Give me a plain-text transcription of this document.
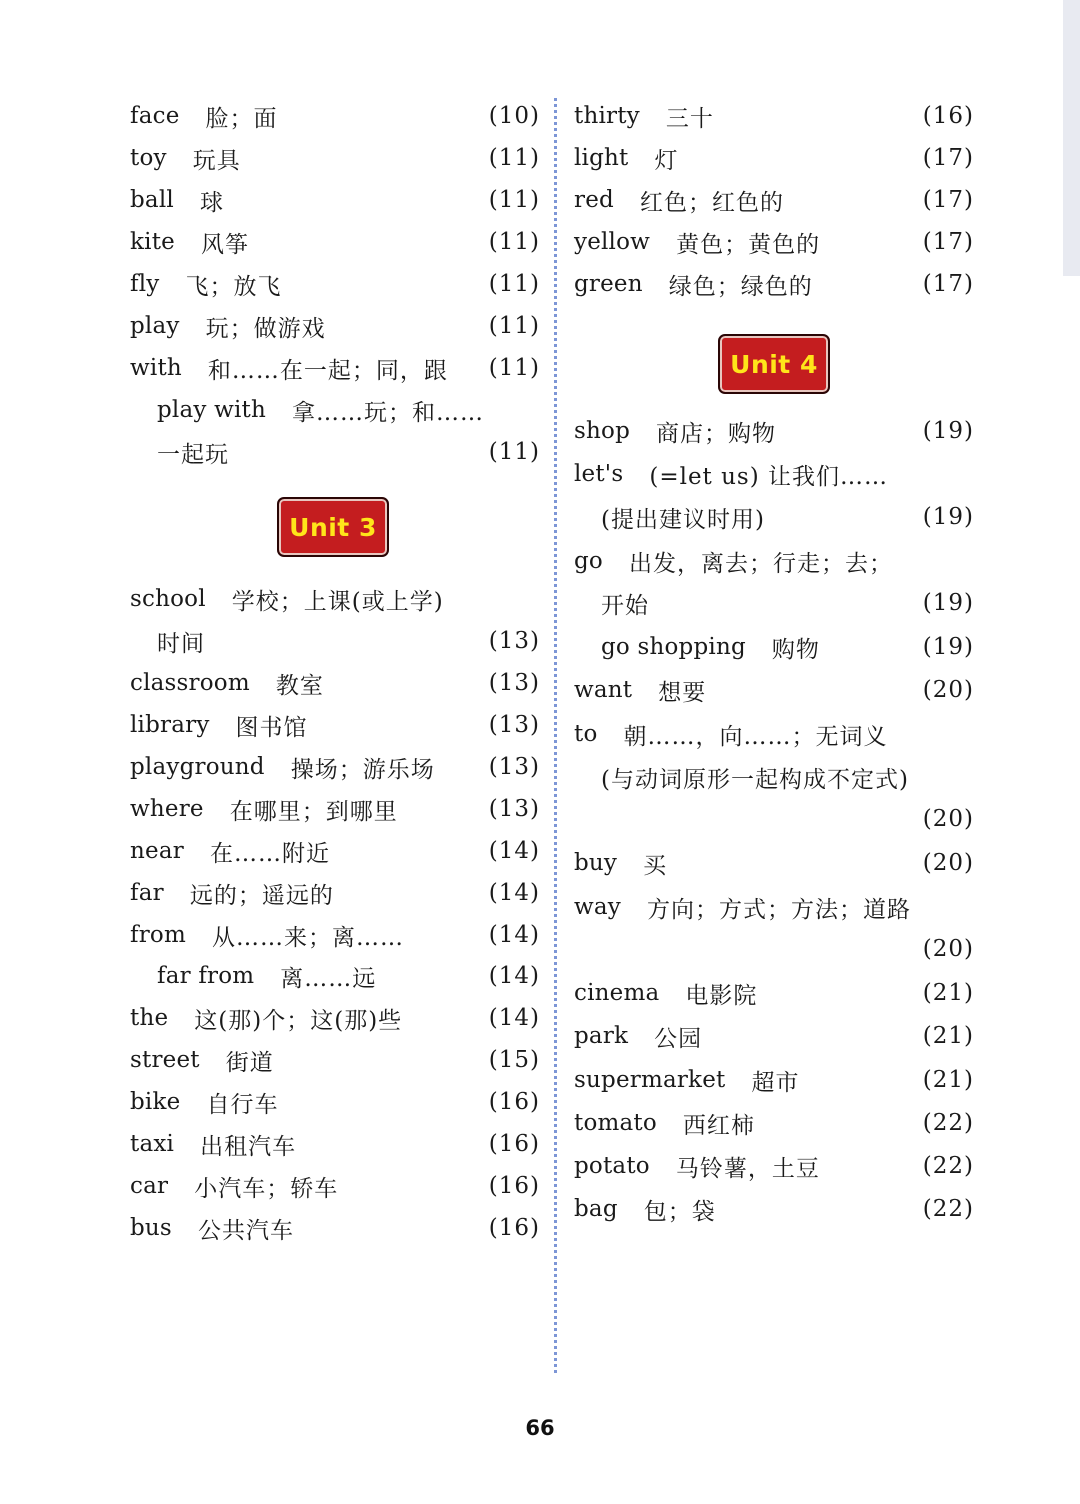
face 脸；面	(10)
toy 玩具	(11)
ball 球	(11)
kite 风筝	(11)
fly 飞；放飞	(11)
play 玩；做游戏	(11)
with 和……在一起；同，跟 (11)
play with 拿……玩；和……
一起玩	(11)
school 学校；上课(或上学)
时间	(13)
classroom 教室	(13)
library 图书馆	(13)
playground 操场；游乐场 (13)
where 在哪里；到哪里	(13)
near 在……附近	(14)
far 远的；遥远的	(14)
from 从……来；离……	(14)
far from 离……远	(14)
the 这(那)个；这(那)些	(14)
street 街道	(15)
bike 自行车	(16)
taxi 出租汽车	(16)
car 小汽车；轿车	(16)
bus 公共汽车	(16)
Unit 3
thirty 三十	(16)
light 灯	(17)
red 红色；红色的	(17)
yellow 黄色；黄色的	(17)
green 绿色；绿色的	(17)
shop 商店；购物	(19)
let's (=let us) 让我们……
(提出建议时用)	(19)
go 出发，离去；行走；去；
开始	(19)
go shopping 购物	(19)
want 想要	(20)
to 朝……，向……；无词义
(与动词原形一起构成不定式)
(20)
buy 买	(20)
way 方向；方式；方法；道路
(20)
cinema 电影院	(21)
park 公园	(21)
supermarket 超市	(21)
tomato 西红柿	(22)
potato 马铃薯，土豆	(22)
bag 包；袋	(22)
Unit 4
66
